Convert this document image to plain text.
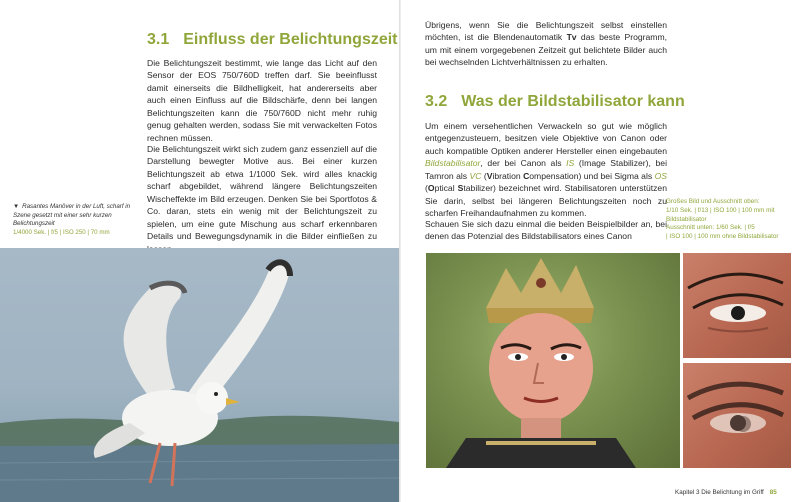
3.1 Einfluss der Belichtungszeit

Die Belichtungszeit bestimmt, wie lange das Licht auf den Sensor der EOS 750/760D treffen darf. Sie beeinflusst damit einerseits die Bildhelligkeit, hat andererseits aber auch einen Einfluss auf die Bildschärfe, denn bei langen Belichtungszeiten kann die 750/760D nicht mehr ruhig genug gehalten werden, sodass Sie mit verwackelten Fotos rechnen müssen.

Die Belichtungszeit wirkt sich zudem ganz essenziell auf die Darstellung bewegter Motive aus. Bei einer kurzen Belichtungszeit ab etwa 1/1000 Sek. wird alles knackig scharf abgebildet, während längere Belichtungszeiten Wischeffekte im Bild erzeugen. Denken Sie bei Sportfotos & Co. daran, stets ein wenig mit der Belichtungszeit zu spielen, um eine gute Mischung aus scharf erkennbaren Details und Bewegungsdynamik in die Bilder einfließen zu

▼ Rasantes Manöver in der Luft, scharf in Szene gesetzt mit einer sehr kurzen Belichtungszeit
1/4000 Sek. | f/5 | ISO 250 | 70 mm

Übrigens, wenn Sie die Belichtungszeit selbst einstellen möchten, ist die Blendenautomatik Tv das beste Programm, um mit einem vorgegebenen Zeitzeit gut belichtete Bilder auch bei wechselnden Lichtverhältnissen zu erhalten.

3.2 Was der Bildstabilisator kann

Um einem versehentlichen Verwackeln so gut wie möglich entgegenzusteuern, besitzen viele Objektive von Canon oder auch kompatible Optiken anderer Hersteller einen eingebauten Bildstabilisator, der bei Canon als IS (Image Stabilizer), bei Tamron als VC (Vibration Compensation) und bei Sigma als OS (Optical Stabilizer) bezeichnet wird. Stabilisatoren unterstützen Sie darin, selbst bei längeren Belichtungszeiten noch zu scharfen Freihandaufnahmen zu kommen.

Schauen Sie sich dazu einmal die beiden Beispielbilder an, bei denen das Potenzial des Bildstabilisators eines Canon

Großes Bild und Ausschnitt oben:
1/10 Sek. | f/13 | ISO 100 | 100 mm mit
Bildstabilisator
Ausschnitt unten: 1/60 Sek. | f/5
| ISO 100 | 100 mm ohne Bildstabilisator
Kapitel 3 Die Belichtung im Griff 85
